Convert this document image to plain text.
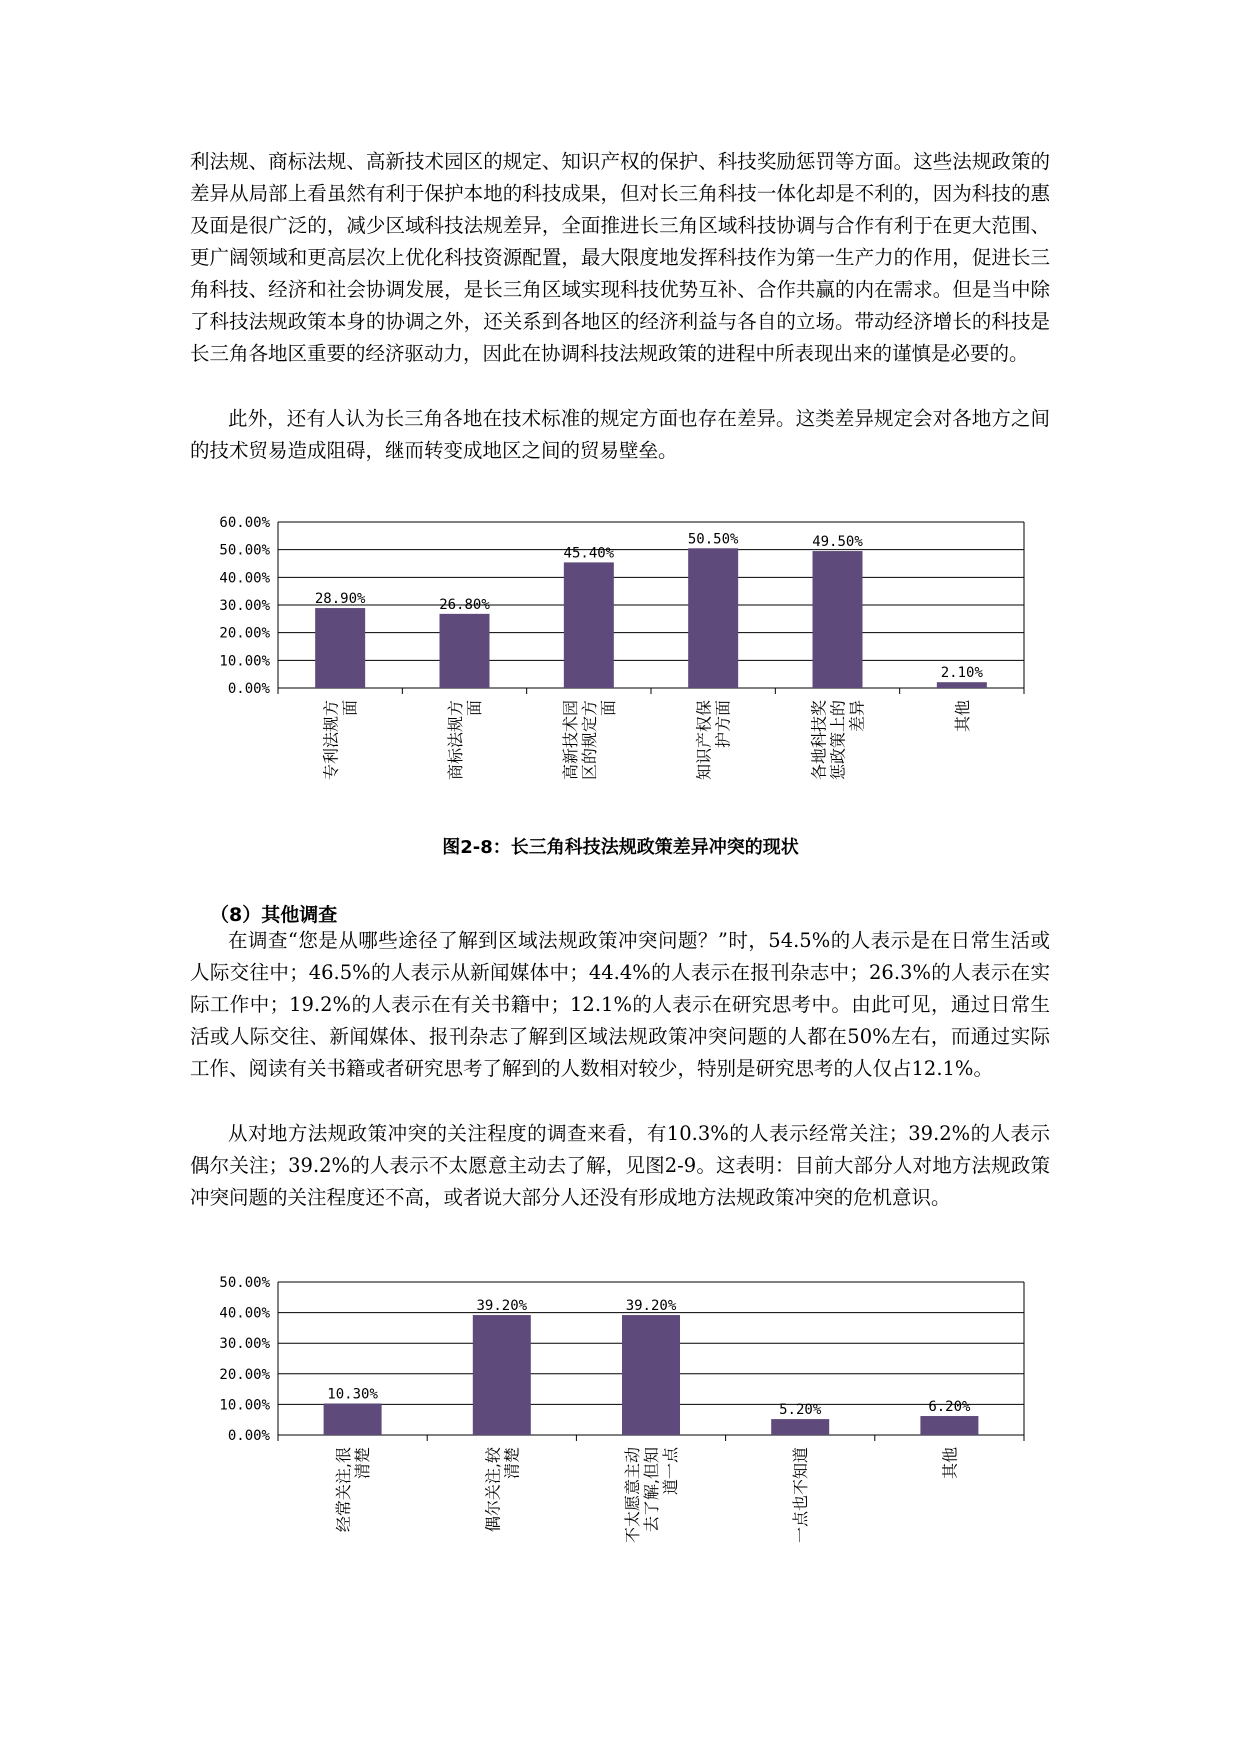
利法规、商标法规、高新技术园区的规定、知识产权的保护、科技奖励惩罚等方面。这些法规政策的差异从局部上看虽然有利于保护本地的科技成果，但对长三角科技一体化却是不利的，因为科技的惠及面是很广泛的，减少区域科技法规差异，全面推进长三角区域科技协调与合作有利于在更大范围、更广阔领域和更高层次上优化科技资源配置，最大限度地发挥科技作为第一生产力的作用，促进长三角科技、经济和社会协调发展，是长三角区域实现科技优势互补、合作共赢的内在需求。但是当中除了科技法规政策本身的协调之外，还关系到各地区的经济利益与各自的立场。带动经济增长的科技是长三角各地区重要的经济驱动力，因此在协调科技法规政策的进程中所表现出来的谨慎是必要的。

此外，还有人认为长三角各地在技术标准的规定方面也存在差异。这类差异规定会对各地方之间的技术贸易造成阻碍，继而转变成地区之间的贸易壁垒。

0.00%
10.00%
20.00%
30.00%
40.00%
50.00%
60.00%
28.90%
专利法规方 面
26.80%
商标法规方 面
45.40%
高新技术园 区的规定方 面
50.50%
知识产权保 护方面
49.50%
各地科技奖 惩政策上的 差异
2.10%
其他

图2-8：长三角科技法规政策差异冲突的现状

（8）其他调查

在调查“您是从哪些途径了解到区域法规政策冲突问题？”时，54.5%的人表示是在日常生活或人际交往中；46.5%的人表示从新闻媒体中；44.4%的人表示在报刊杂志中；26.3%的人表示在实际工作中；19.2%的人表示在有关书籍中；12.1%的人表示在研究思考中。由此可见，通过日常生活或人际交往、新闻媒体、报刊杂志了解到区域法规政策冲突问题的人都在50%左右，而通过实际工作、阅读有关书籍或者研究思考了解到的人数相对较少，特别是研究思考的人仅占12.1%。

从对地方法规政策冲突的关注程度的调查来看，有10.3%的人表示经常关注；39.2%的人表示偶尔关注；39.2%的人表示不太愿意主动去了解，见图2-9。这表明：目前大部分人对地方法规政策冲突问题的关注程度还不高，或者说大部分人还没有形成地方法规政策冲突的危机意识。

0.00%
10.00%
20.00%
30.00%
40.00%
50.00%
10.30%
经常关注,很 清楚
39.20%
偶尔关注,较 清楚
39.20%
不太愿意主动 去了解,但知 道一点
5.20%
一点也不知道
6.20%
其他
